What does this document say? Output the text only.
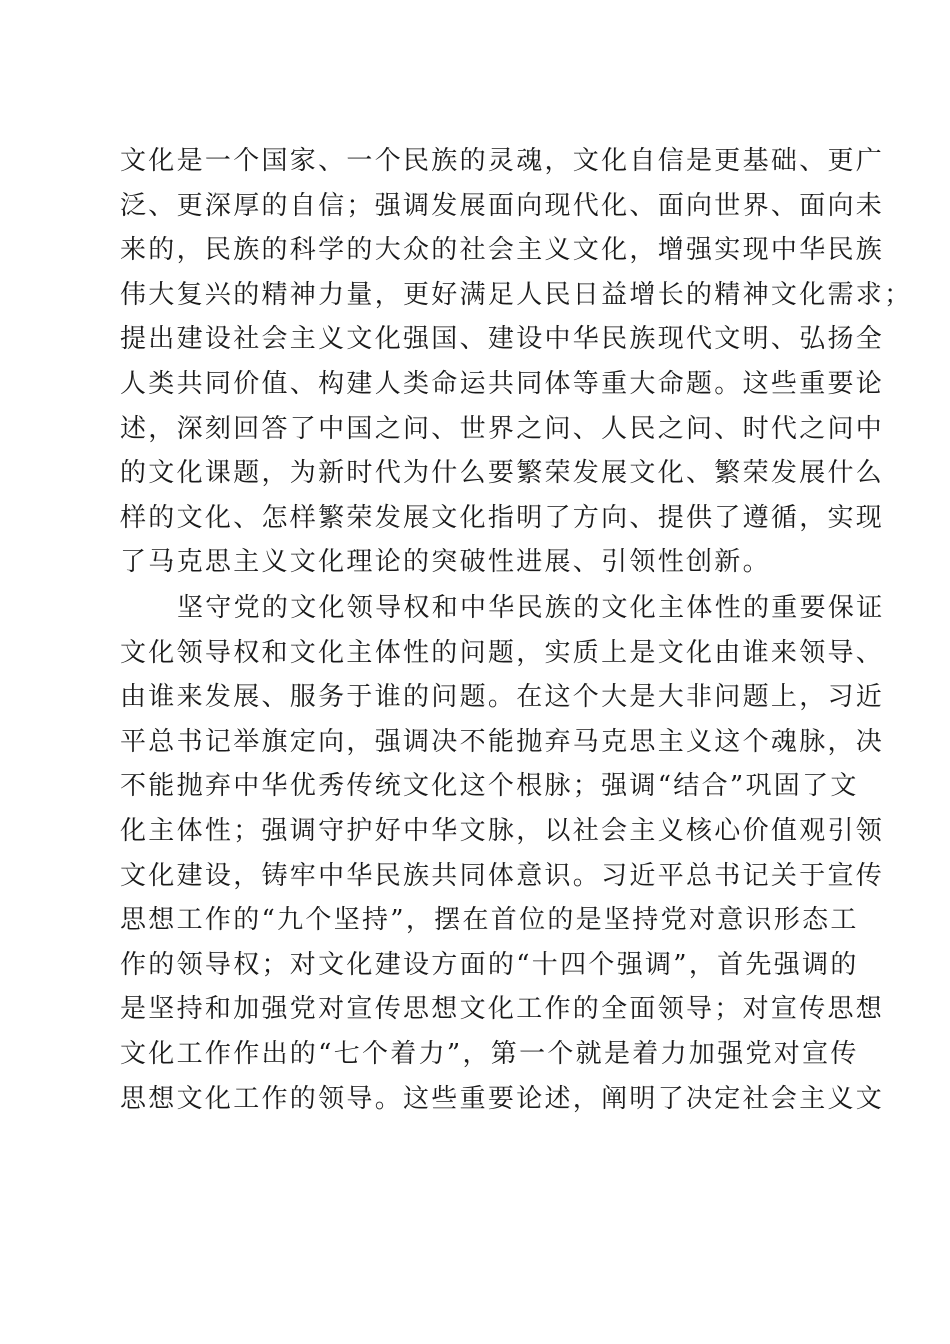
文化是一个国家、一个民族的灵魂，文化自信是更基础、更广
泛、更深厚的自信；强调发展面向现代化、面向世界、面向未
来的，民族的科学的大众的社会主义文化，增强实现中华民族
伟大复兴的精神力量，更好满足人民日益增长的精神文化需求；
提出建设社会主义文化强国、建设中华民族现代文明、弘扬全
人类共同价值、构建人类命运共同体等重大命题。这些重要论
述，深刻回答了中国之问、世界之问、人民之问、时代之问中
的文化课题，为新时代为什么要繁荣发展文化、繁荣发展什么
样的文化、怎样繁荣发展文化指明了方向、提供了遵循，实现
了马克思主义文化理论的突破性进展、引领性创新。
坚守党的文化领导权和中华民族的文化主体性的重要保证
文化领导权和文化主体性的问题，实质上是文化由谁来领导、
由谁来发展、服务于谁的问题。在这个大是大非问题上，习近
平总书记举旗定向，强调决不能抛弃马克思主义这个魂脉，决
不能抛弃中华优秀传统文化这个根脉；强调“结合”巩固了文
化主体性；强调守护好中华文脉，以社会主义核心价值观引领
文化建设，铸牢中华民族共同体意识。习近平总书记关于宣传
思想工作的“九个坚持”，摆在首位的是坚持党对意识形态工
作的领导权；对文化建设方面的“十四个强调”，首先强调的
是坚持和加强党对宣传思想文化工作的全面领导；对宣传思想
文化工作作出的“七个着力”，第一个就是着力加强党对宣传
思想文化工作的领导。这些重要论述，阐明了决定社会主义文
